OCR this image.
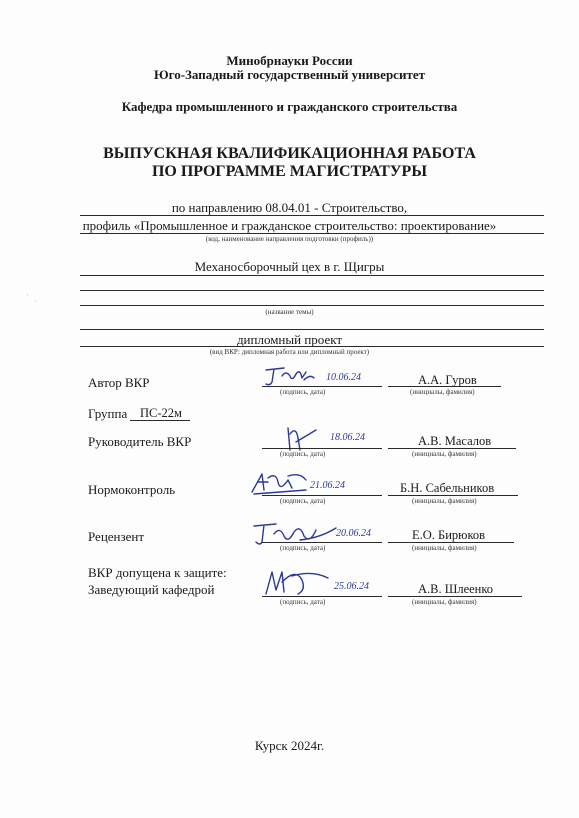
Минобрнауки России
Юго-Западный государственный университет
Кафедра промышленного и гражданского строительства
ВЫПУСКНАЯ КВАЛИФИКАЦИОННАЯ РАБОТА
ПО ПРОГРАММЕ МАГИСТРАТУРЫ
по направлению 08.04.01 - Строительство,
профиль «Промышленное и гражданское строительство: проектирование»
(код, наименование направления подготовки (профиль))
Механосборочный цех в г. Щигры
(название темы)
дипломный проект
(вид ВКР: дипломная работа или дипломный проект)
Автор ВКР	10.06.24
(подпись, дата)
А.А. Гуров
(инициалы, фамилия)
Группа ПС-22м
Руководитель ВКР	18.06.24
(подпись, дата)
А.В. Масалов
(инициалы, фамилия)
Нормоконтроль	21.06.24
(подпись, дата)
Б.Н. Сабельников
(инициалы, фамилия)
Рецензент	20.06.24
(подпись, дата)
Е.О. Бирюков
(инициалы, фамилия)
ВКР допущена к защите:
Заведующий кафедрой	25.06.24
(подпись, дата)
А.В. Шлеенко
(инициалы, фамилия)
Курск 2024г.
·
·
